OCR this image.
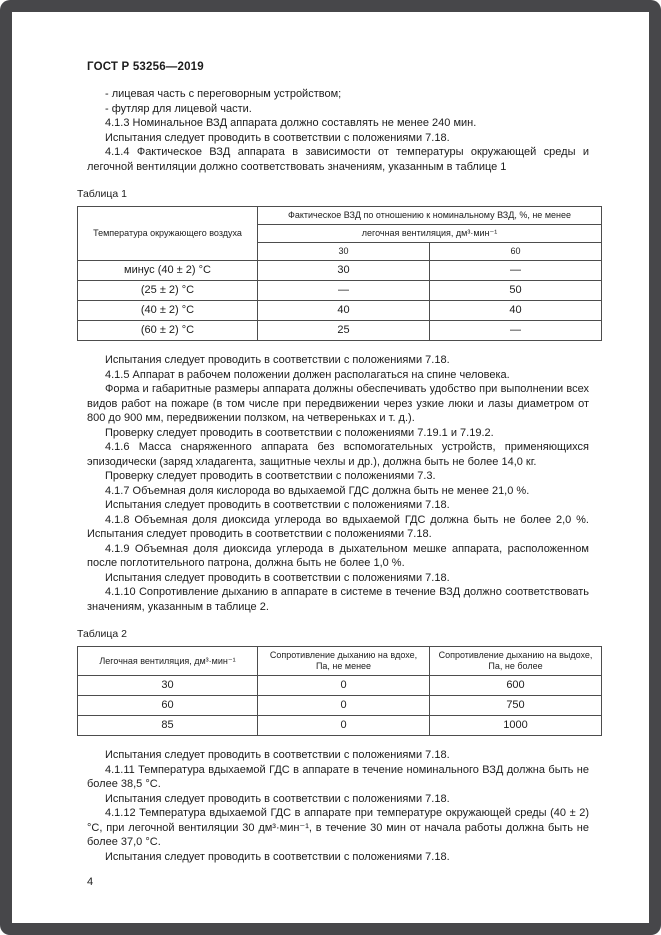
ГОСТ Р 53256—2019

- лицевая часть с переговорным устройством;

- футляр для лицевой части.

4.1.3 Номинальное ВЗД аппарата должно составлять не менее 240 мин.

Испытания следует проводить в соответствии с положениями 7.18.

4.1.4 Фактическое ВЗД аппарата в зависимости от температуры окружающей среды и легочной вентиляции должно соответствовать значениям, указанным в таблице 1

Таблица 1
Температура окружающего воздуха	Фактическое ВЗД по отношению к номинальному ВЗД, %, не менее	
	легочная вентиляция, дм³·мин⁻¹	
	30	60
минус (40 ± 2) °С	30	—
(25 ± 2) °С	—	50
(40 ± 2) °С	40	40
(60 ± 2) °С	25	—

Испытания следует проводить в соответствии с положениями 7.18.

4.1.5 Аппарат в рабочем положении должен располагаться на спине человека.

Форма и габаритные размеры аппарата должны обеспечивать удобство при выполнении всех видов работ на пожаре (в том числе при передвижении через узкие люки и лазы диаметром от 800 до 900 мм, передвижении ползком, на четвереньках и т. д.).

Проверку следует проводить в соответствии с положениями 7.19.1 и 7.19.2.

4.1.6 Масса снаряженного аппарата без вспомогательных устройств, применяющихся эпизодически (заряд хладагента, защитные чехлы и др.), должна быть не более 14,0 кг.

Проверку следует проводить в соответствии с положениями 7.3.

4.1.7 Объемная доля кислорода во вдыхаемой ГДС должна быть не менее 21,0 %.

Испытания следует проводить в соответствии с положениями 7.18.

4.1.8 Объемная доля диоксида углерода во вдыхаемой ГДС должна быть не более 2,0 %. Испытания следует проводить в соответствии с положениями 7.18.

4.1.9 Объемная доля диоксида углерода в дыхательном мешке аппарата, расположенном после поглотительного патрона, должна быть не более 1,0 %.

Испытания следует проводить в соответствии с положениями 7.18.

4.1.10 Сопротивление дыханию в аппарате в системе в течение ВЗД должно соответствовать значениям, указанным в таблице 2.

Таблица 2
Легочная вентиляция, дм³·мин⁻¹	Сопротивление дыханию на вдохе, Па, не менее	Сопротивление дыханию на выдохе, Па, не более
30	0	600
60	0	750
85	0	1000

Испытания следует проводить в соответствии с положениями 7.18.

4.1.11 Температура вдыхаемой ГДС в аппарате в течение номинального ВЗД должна быть не более 38,5 °С.

Испытания следует проводить в соответствии с положениями 7.18.

4.1.12 Температура вдыхаемой ГДС в аппарате при температуре окружающей среды (40 ± 2) °С, при легочной вентиляции 30 дм³·мин⁻¹, в течение 30 мин от начала работы должна быть не более 37,0 °С.

Испытания следует проводить в соответствии с положениями 7.18.

4
